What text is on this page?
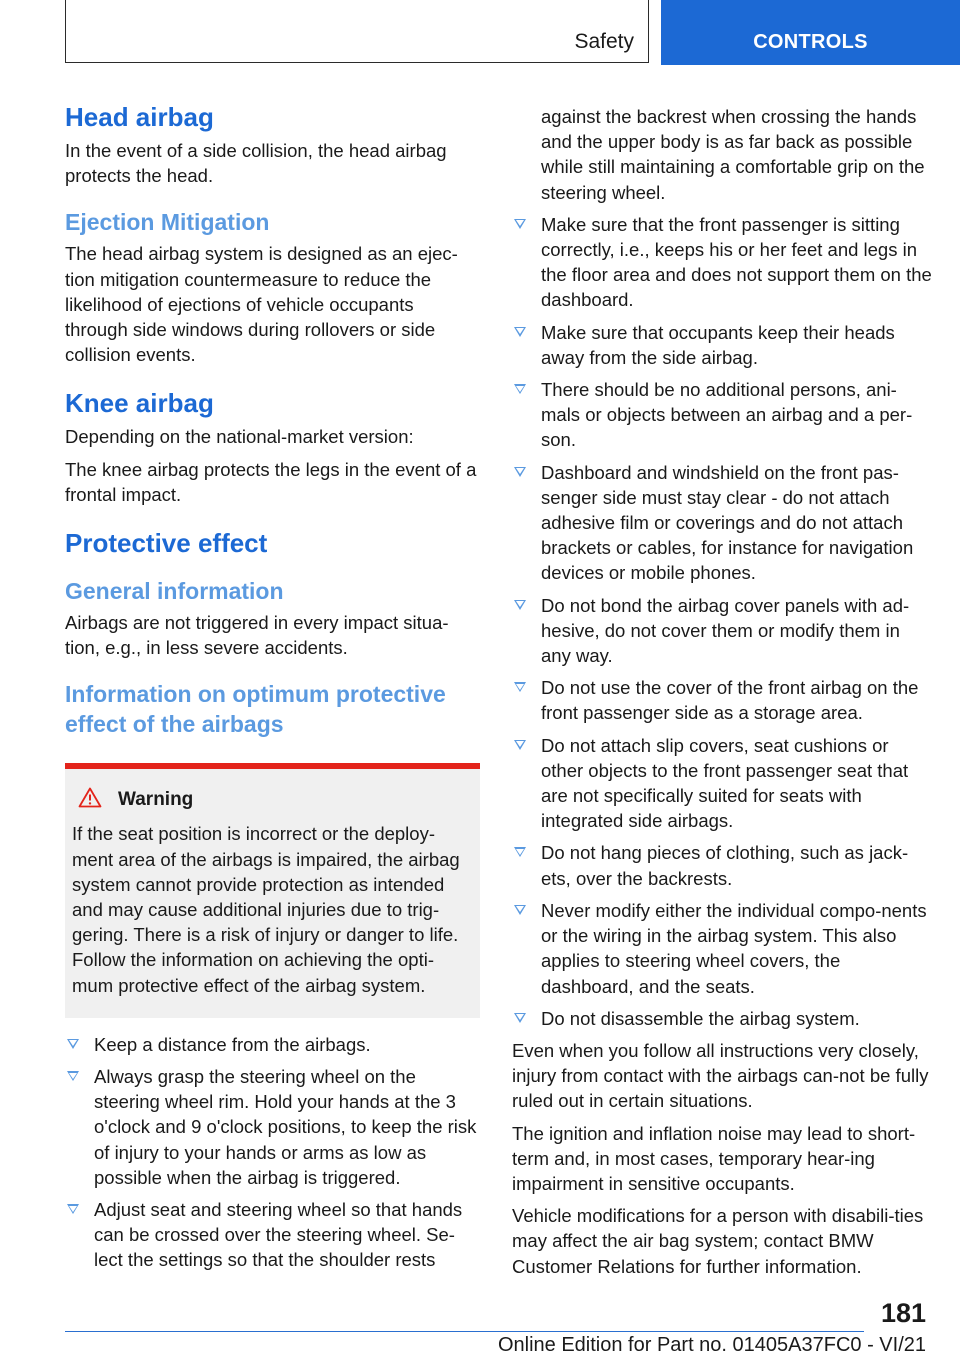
Safety	CONTROLS
Head airbag
In the event of a side collision, the head airbag protects the head.
Ejection Mitigation
The head airbag system is designed as an ejec-tion mitigation countermeasure to reduce the likelihood of ejections of vehicle occupants through side windows during rollovers or side collision events.
Knee airbag
Depending on the national-market version:
The knee airbag protects the legs in the event of a frontal impact.
Protective effect
General information
Airbags are not triggered in every impact situa-tion, e.g., in less severe accidents.
Information on optimum protective effect of the airbags
Warning
If the seat position is incorrect or the deploy-ment area of the airbags is impaired, the airbag system cannot provide protection as intended and may cause additional injuries due to trig-gering. There is a risk of injury or danger to life. Follow the information on achieving the opti-mum protective effect of the airbag system.
Keep a distance from the airbags.
Always grasp the steering wheel on the steering wheel rim. Hold your hands at the 3 o'clock and 9 o'clock positions, to keep the risk of injury to your hands or arms as low as possible when the airbag is triggered.
Adjust seat and steering wheel so that hands can be crossed over the steering wheel. Se-lect the settings so that the shoulder rests
against the backrest when crossing the hands and the upper body is as far back as possible while still maintaining a comfortable grip on the steering wheel.
Make sure that the front passenger is sitting correctly, i.e., keeps his or her feet and legs in the floor area and does not support them on the dashboard.
Make sure that occupants keep their heads away from the side airbag.
There should be no additional persons, ani-mals or objects between an airbag and a per-son.
Dashboard and windshield on the front pas-senger side must stay clear - do not attach adhesive film or coverings and do not attach brackets or cables, for instance for navigation devices or mobile phones.
Do not bond the airbag cover panels with ad-hesive, do not cover them or modify them in any way.
Do not use the cover of the front airbag on the front passenger side as a storage area.
Do not attach slip covers, seat cushions or other objects to the front passenger seat that are not specifically suited for seats with integrated side airbags.
Do not hang pieces of clothing, such as jack-ets, over the backrests.
Never modify either the individual compo-nents or the wiring in the airbag system. This also applies to steering wheel covers, the dashboard, and the seats.
Do not disassemble the airbag system.
Even when you follow all instructions very closely, injury from contact with the airbags can-not be fully ruled out in certain situations.
The ignition and inflation noise may lead to short-term and, in most cases, temporary hear-ing impairment in sensitive occupants.
Vehicle modifications for a person with disabili-ties may affect the air bag system; contact BMW Customer Relations for further information.
181
Online Edition for Part no. 01405A37FC0 - VI/21
